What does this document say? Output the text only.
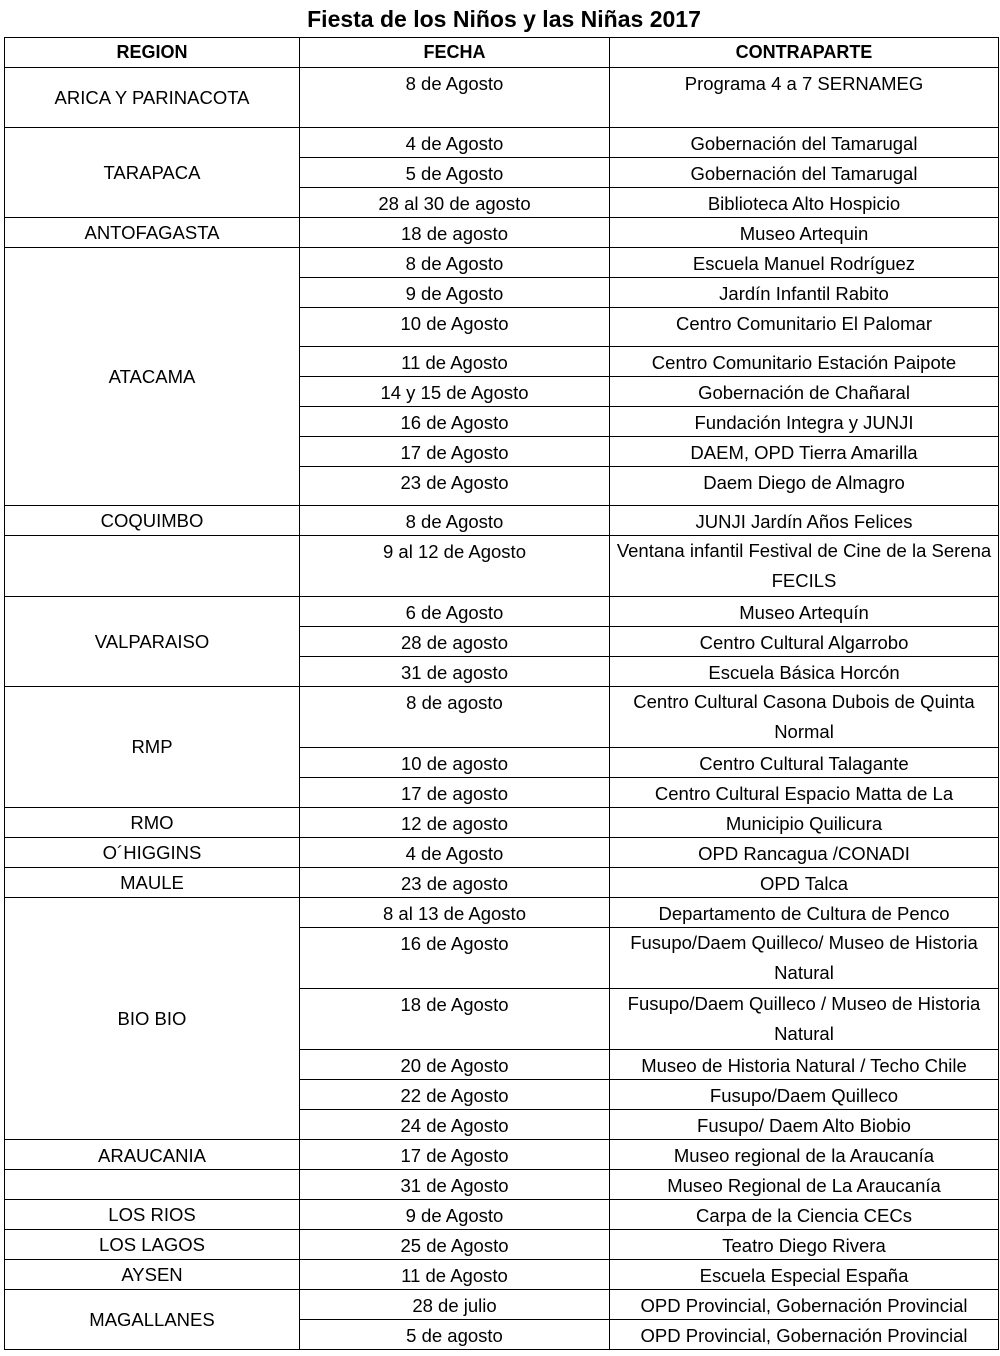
Fiesta de los Niños y las Niñas 2017
REGION	FECHA	CONTRAPARTE
ARICA Y PARINACOTA	8 de Agosto	Programa 4 a 7 SERNAMEG
TARAPACA	4 de Agosto	Gobernación del Tamarugal
	5 de Agosto	Gobernación del Tamarugal
	28 al 30 de agosto	Biblioteca Alto Hospicio
ANTOFAGASTA	18 de agosto	Museo Artequin
ATACAMA	8 de Agosto	Escuela Manuel Rodríguez
	9 de Agosto	Jardín Infantil Rabito
	10 de Agosto	Centro Comunitario El Palomar
	11 de Agosto	Centro Comunitario Estación Paipote
	14 y 15 de Agosto	Gobernación de Chañaral
	16 de Agosto	Fundación Integra y JUNJI
	17 de Agosto	DAEM, OPD Tierra Amarilla
	23 de Agosto	Daem Diego de Almagro
COQUIMBO	8 de Agosto	JUNJI Jardín Años Felices
	9 al 12 de Agosto	Ventana infantil Festival de Cine de la Serena FECILS
VALPARAISO	6 de Agosto	Museo Artequín
	28 de agosto	Centro Cultural Algarrobo
	31 de agosto	Escuela Básica Horcón
RMP	8 de agosto	Centro Cultural Casona Dubois de Quinta Normal
	10 de agosto	Centro Cultural Talagante
	17 de agosto	Centro Cultural Espacio Matta de La
RMO	12 de agosto	Municipio Quilicura
O´HIGGINS	4 de Agosto	OPD Rancagua /CONADI
MAULE	23 de agosto	OPD Talca
BIO BIO	8 al 13 de Agosto	Departamento de Cultura de Penco
	16 de Agosto	Fusupo/Daem Quilleco/ Museo de Historia Natural
	18 de Agosto	Fusupo/Daem Quilleco / Museo de Historia Natural
	20 de Agosto	Museo de Historia Natural / Techo Chile
	22 de Agosto	Fusupo/Daem Quilleco
	24 de Agosto	Fusupo/ Daem Alto Biobio
ARAUCANIA	17 de Agosto	Museo regional de la Araucanía
	31 de Agosto	Museo Regional de La Araucanía
LOS RIOS	9 de Agosto	Carpa de la Ciencia CECs
LOS LAGOS	25 de Agosto	Teatro Diego Rivera
AYSEN	11 de Agosto	Escuela Especial España
MAGALLANES	28 de julio	OPD Provincial, Gobernación Provincial
	5 de agosto	OPD Provincial, Gobernación Provincial
